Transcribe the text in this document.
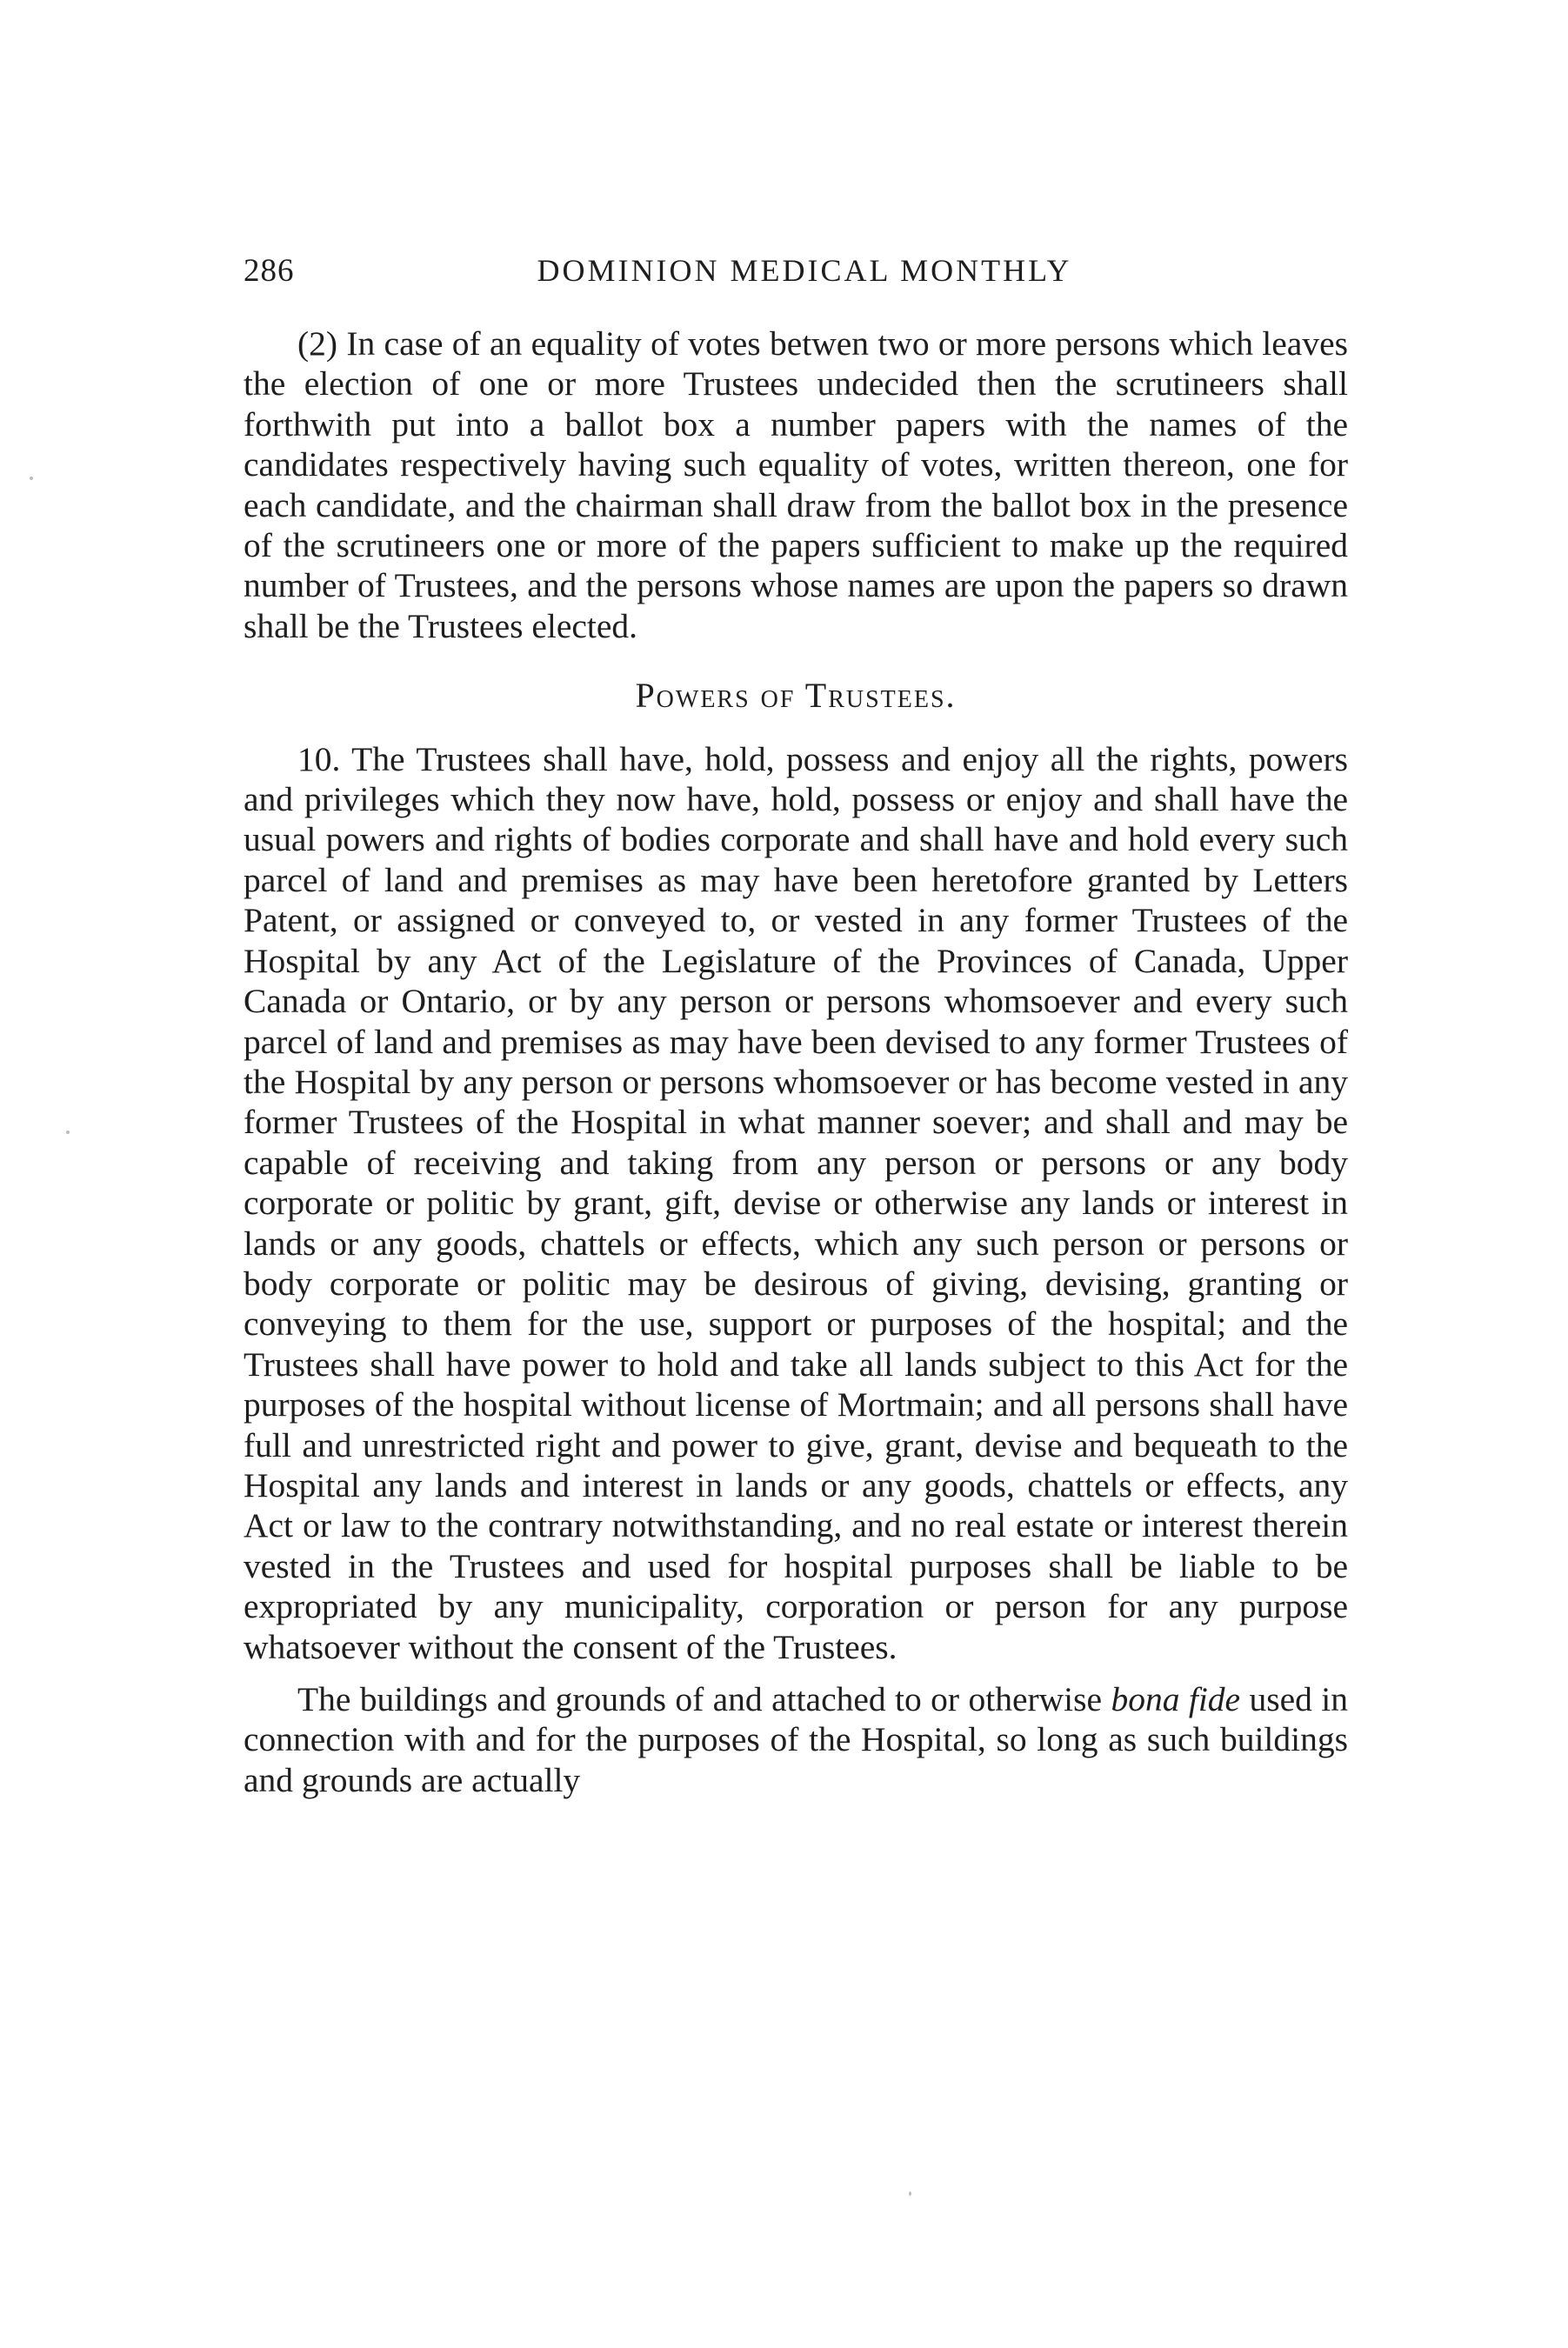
286	DOMINION MEDICAL MONTHLY

(2) In case of an equality of votes betwen two or more persons which leaves the election of one or more Trustees undecided then the scrutineers shall forthwith put into a ballot box a number papers with the names of the candidates respectively having such equality of votes, written thereon, one for each candidate, and the chairman shall draw from the ballot box in the presence of the scrutineers one or more of the papers sufficient to make up the required number of Trustees, and the persons whose names are upon the papers so drawn shall be the Trustees elected.

Powers of Trustees.

10. The Trustees shall have, hold, possess and enjoy all the rights, powers and privileges which they now have, hold, possess or enjoy and shall have the usual powers and rights of bodies corporate and shall have and hold every such parcel of land and premises as may have been heretofore granted by Letters Patent, or assigned or conveyed to, or vested in any former Trustees of the Hospital by any Act of the Legislature of the Provinces of Canada, Upper Canada or Ontario, or by any person or persons whomsoever and every such parcel of land and premises as may have been devised to any former Trustees of the Hospital by any person or persons whomsoever or has become vested in any former Trustees of the Hospital in what manner soever; and shall and may be capable of receiving and taking from any person or persons or any body corporate or politic by grant, gift, devise or otherwise any lands or interest in lands or any goods, chattels or effects, which any such person or persons or body corporate or politic may be desirous of giving, devising, granting or conveying to them for the use, support or purposes of the hospital; and the Trustees shall have power to hold and take all lands subject to this Act for the purposes of the hospital without license of Mortmain; and all persons shall have full and unrestricted right and power to give, grant, devise and bequeath to the Hospital any lands and interest in lands or any goods, chattels or effects, any Act or law to the contrary notwithstanding, and no real estate or interest therein vested in the Trustees and used for hospital purposes shall be liable to be expropriated by any municipality, corporation or person for any purpose whatsoever without the consent of the Trustees.

The buildings and grounds of and attached to or otherwise bona fide used in connection with and for the purposes of the Hospital, so long as such buildings and grounds are actually
